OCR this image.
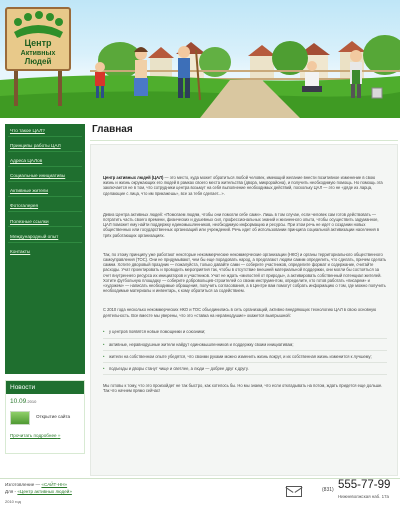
Центр
Активных
Людей
Что такое ЦАЛ?
Принципы работы ЦАЛ
Адреса ЦАЛов
Социальные инициативы
Активные жители
Фотогалерея
Полезные ссылки
Международный опыт
Контакты
Новости
10.09.2010
Открытие сайта
Прочитать подробнее »
Главная

Центр активных людей (ЦАЛ) — это место, куда может обратиться любой человек, имеющий желание внести позитивное изменение в свою жизнь и жизнь окружающих его людей в рамках своего места жительства (двора, микрорайона), и получить необходимую помощь. Но помощь эта заключается не в том, что сотрудники центра возьмут на себя выполнение необходимых действий, поскольку ЦАЛ — это не «дяде из ларца, сделающие с лица, что им прикажешь», все за тебя сделает...».

Девиз Центра активных людей: «Помогаем людям, чтобы они помогли себе сами». Лишь в том случае, если человек сам готов действовать — потратить часть своего времени, физических и душевных сил, профессиональных знаний и жизненного опыта, чтобы осуществить задуманное, ЦАЛ поможет ему найти поддержку единомышленников, необходимую информацию и ресурсы. При этом речь не идет о создании новых общественных или государственных организаций или учреждений. Речь идет об использовании принципа социальной активизации населения в трёх работающих организациях.

Так, по этому принципу уже работают некоторые некоммерческие некоммерческие организации (НКО) и органы территориального общественного самоуправления (ТОС). Они не придумывают, чем бы еще порадовать народ, а предлагают людям самим определить, что сделать, причем сделать самим. Хотите дворовый праздник — пожалуйста, только давайте сами — соберите участников, определите формат и содержание, считайте расходы. Учат проектировать и проводить мероприятия так, чтобы в отсутствие внешней материальной поддержки, они могли бы состояться за счет внутреннего ресурса их инициаторов и участников. Учат не ждать «милостей от природы», а активировать собственный потенциал жителей. Хотите футбольную площадку — соберите добровольцев-строителей со своим инструментом, определите, кто готов работать «писарем» и «художем» — написать необходимые обращения, получить согласования, а в Центре вам помогут собрать информацию о том, где можно получить необходимые материалы и инвентарь, к кому обратиться за содействием.

С 2010 года несколько некоммерческих НКО и ТОС объединились в сеть организаций, активно внедряющих технологию ЦАЛ в свою основную деятельность. Все вместе мы уверены, что это «ставка на неравнодушие» окажется выигрышной:

• у центров появятся новые помощники и союзники;
• активные, неравнодушные жители найдут единомышленников и поддержку своим инициативам;
• жители на собственном опыте убедятся, что своими руками можно изменить жизнь вокруг, и их собственная жизнь изменится к лучшему;
• подъезды и дворы станут чище и светлее, а люди — добрее друг к другу.

Мы готовы к тому, что это произойдет не так быстро, как хотелось бы. Но мы знаем, что если откладывать на потом, ждать придется еще дольше. Так что начнем прямо сейчас!

Изготовление — «САЙТ-НН»
Для - «Центр активных людей»
2010 год
(831) 555-77-99
Нижневолжская наб. 17а
